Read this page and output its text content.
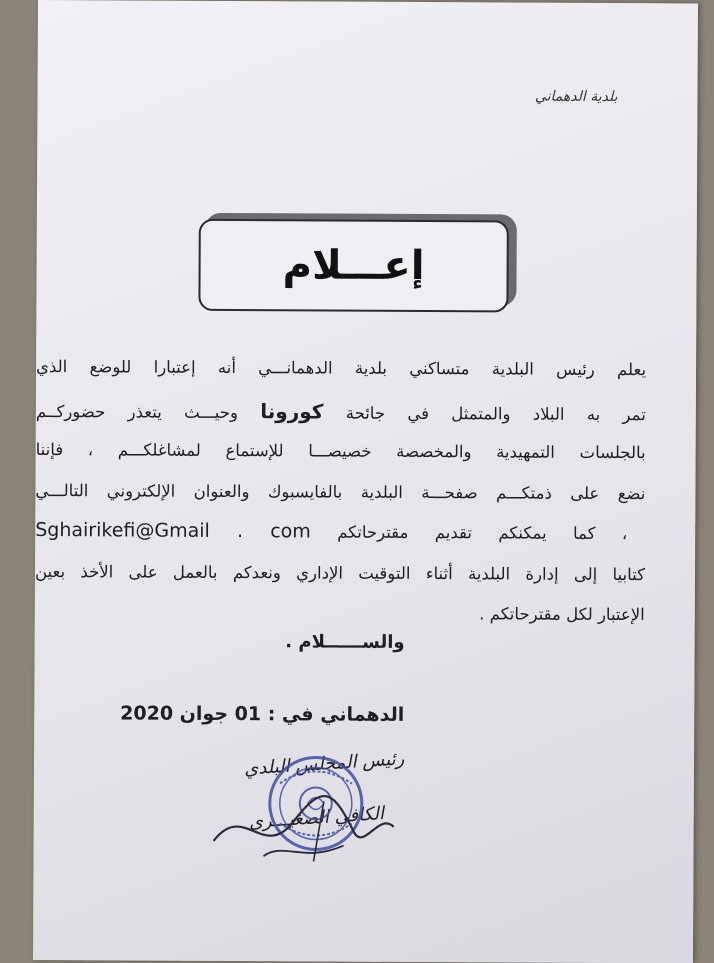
بلدية الدهماني
إعـــلام
يعلم رئيس البلدية متساكني بلدية الدهمانـــي أنه إعتبارا للوضع الذي
تمر به البلاد والمتمثل في جائحة كورونا وحيـــث يتعذر حضوركــم
بالجلسات التمهيدية والمخصصة خصيصـــا للإستماع لمشاغلكـــم ، فإننا
نضع على ذمتكـــم صفحـــة البلدية بالفايسبوك والعنوان الإلكتروني التالـــي
، كما يمكنكم تقديم مقترحاتكم Sghairikefi@Gmail . com
كتابيا إلى إدارة البلدية أثناء التوقيت الإداري ونعدكم بالعمل على الأخذ بعين
الإعتبار لكل مقترحاتكم .
والســــــلام .
الدهماني في : 01 جوان 2020
رئيس المجلس البلدي
الكافي الصغيـــري
